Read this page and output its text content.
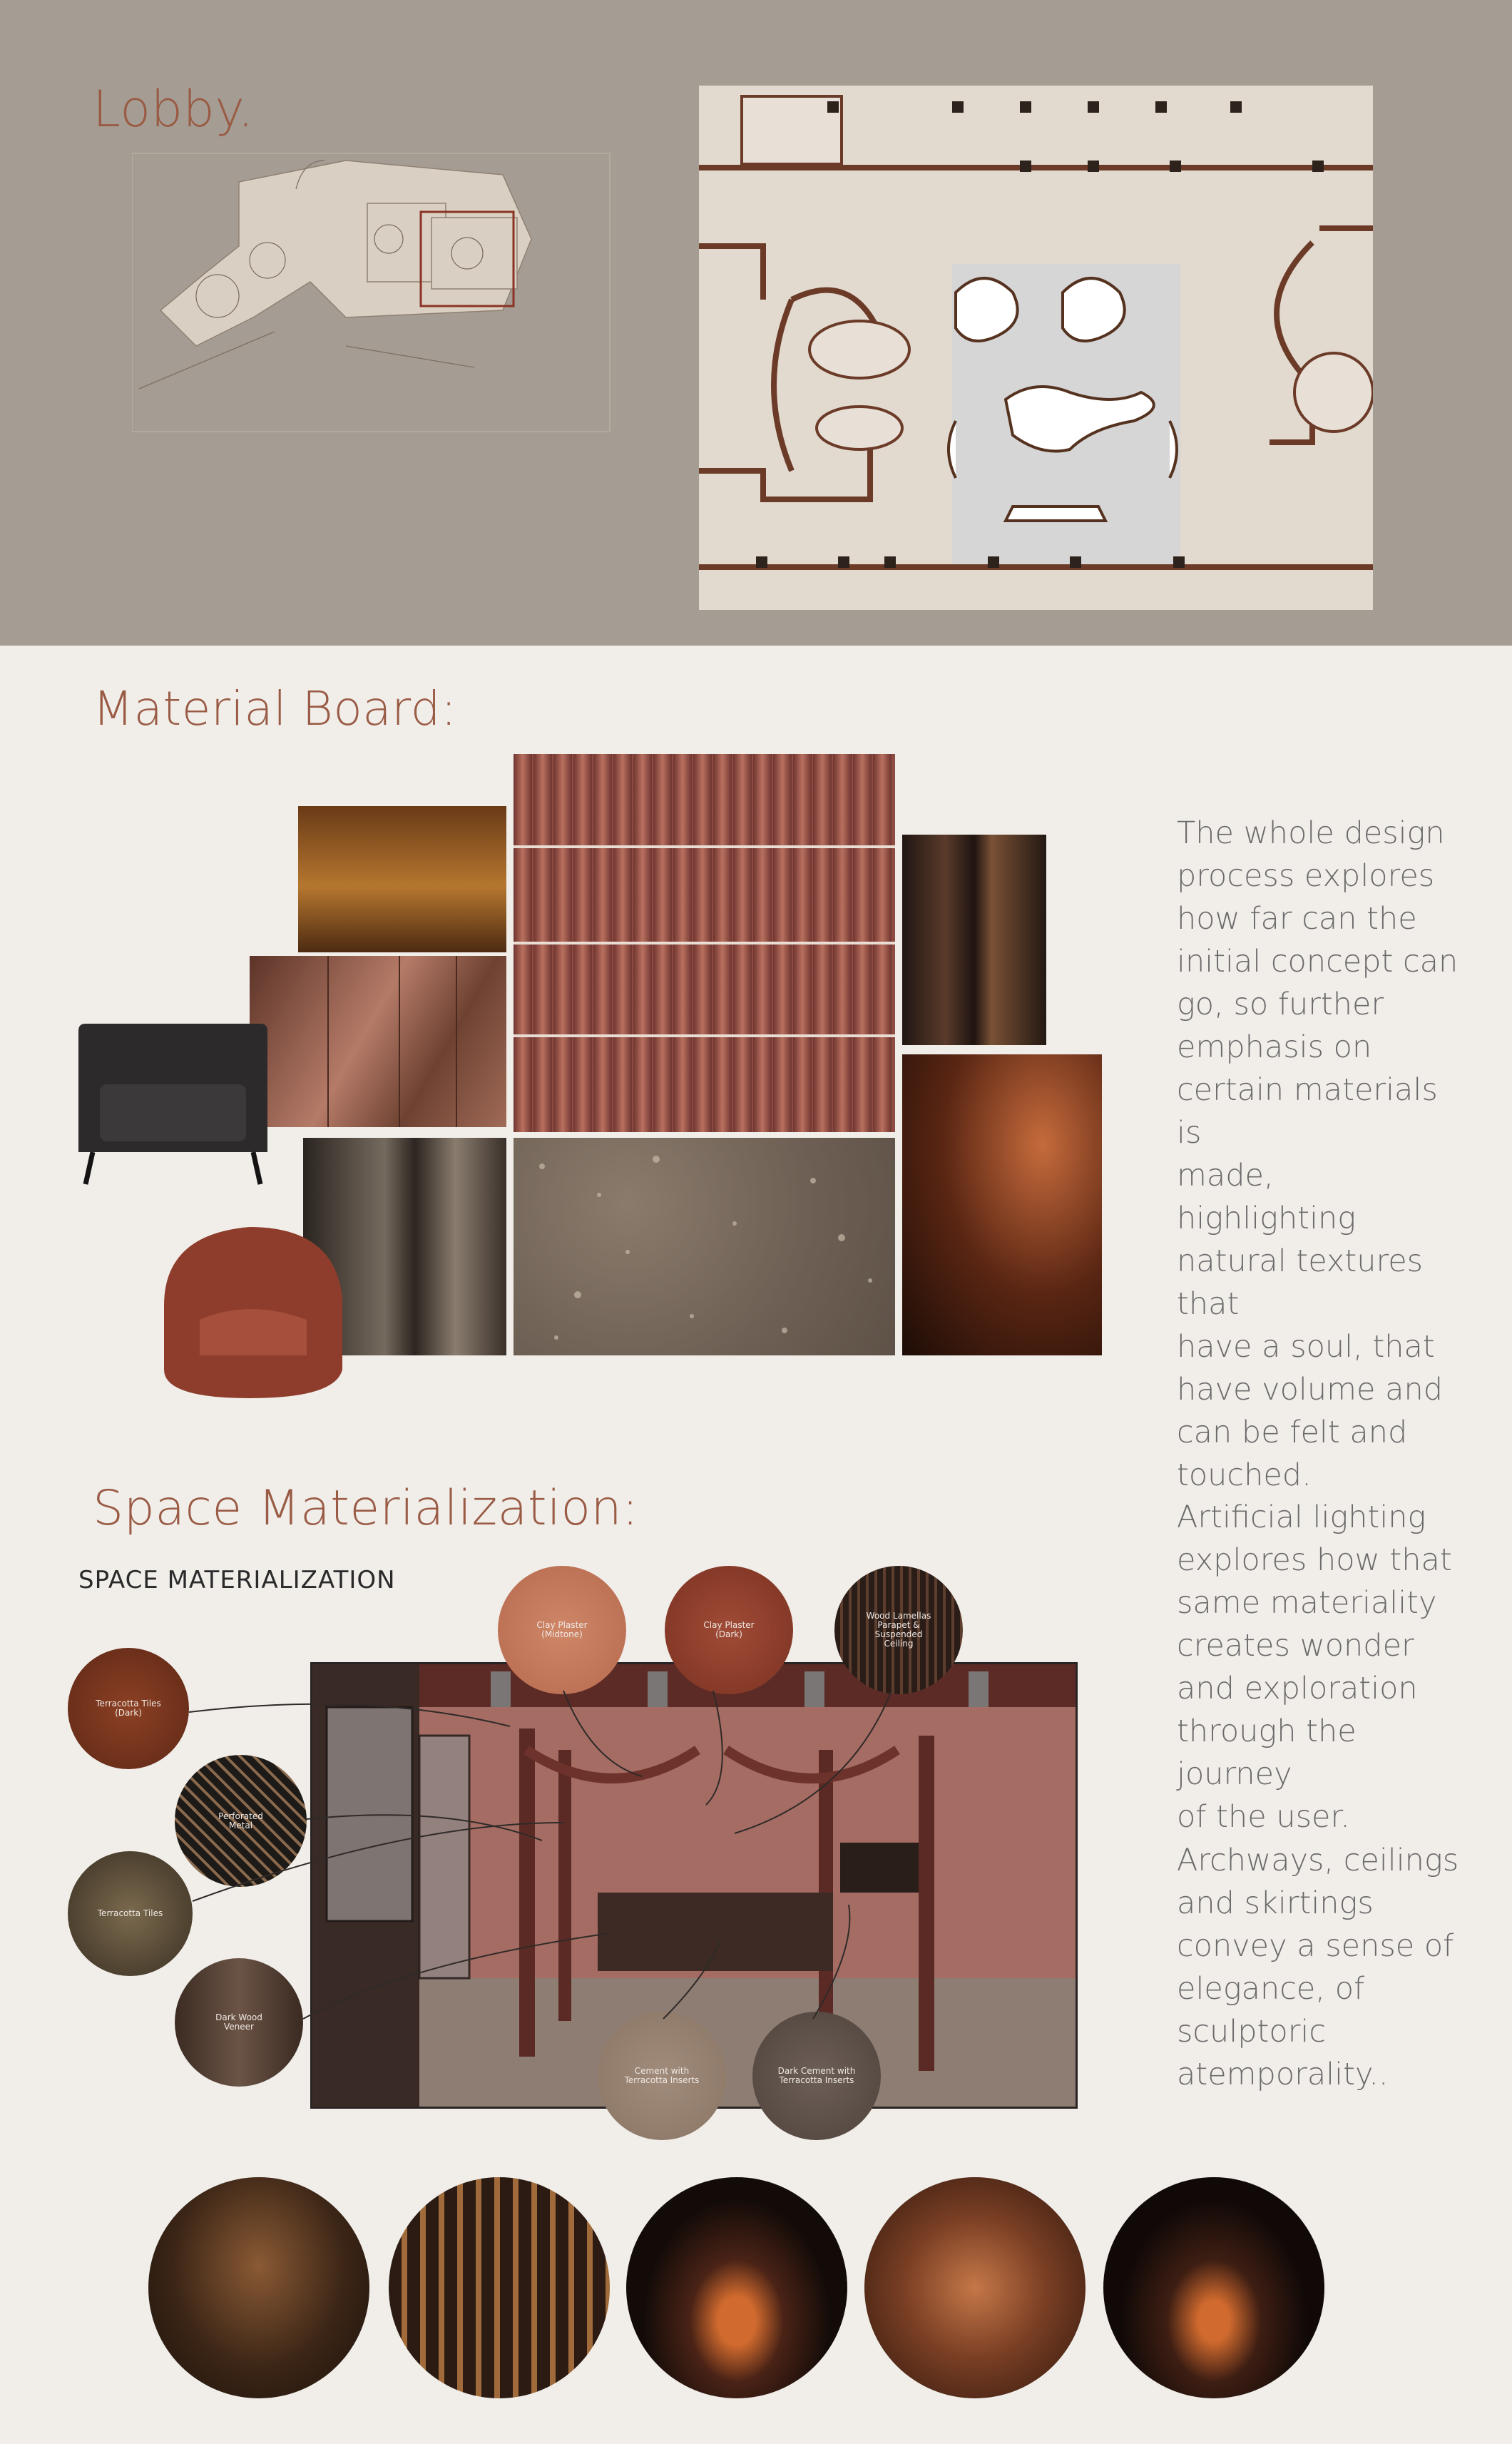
Lobby.
Material Board:
The whole design
process explores
how far can the
initial concept can
go, so further
emphasis on
certain materials is
made, highlighting
natural textures that
have a soul, that
have volume and
can be felt and
touched.
Space Materialization:
SPACE MATERIALIZATION
Terracotta Tiles
(Dark)
Perforated
Metal
Terracotta Tiles
Dark Wood
Veneer
Clay Plaster
(Midtone)
Clay Plaster
(Dark)
Wood Lamellas
Parapet &
Suspended
Ceiling
Cement with
Terracotta Inserts
Dark Cement with
Terracotta Inserts
Artificial lighting
explores how that
same materiality
creates wonder
and exploration
through the journey
of the user.
Archways, ceilings
and skirtings
convey a sense of
elegance, of
sculptoric
atemporality..
